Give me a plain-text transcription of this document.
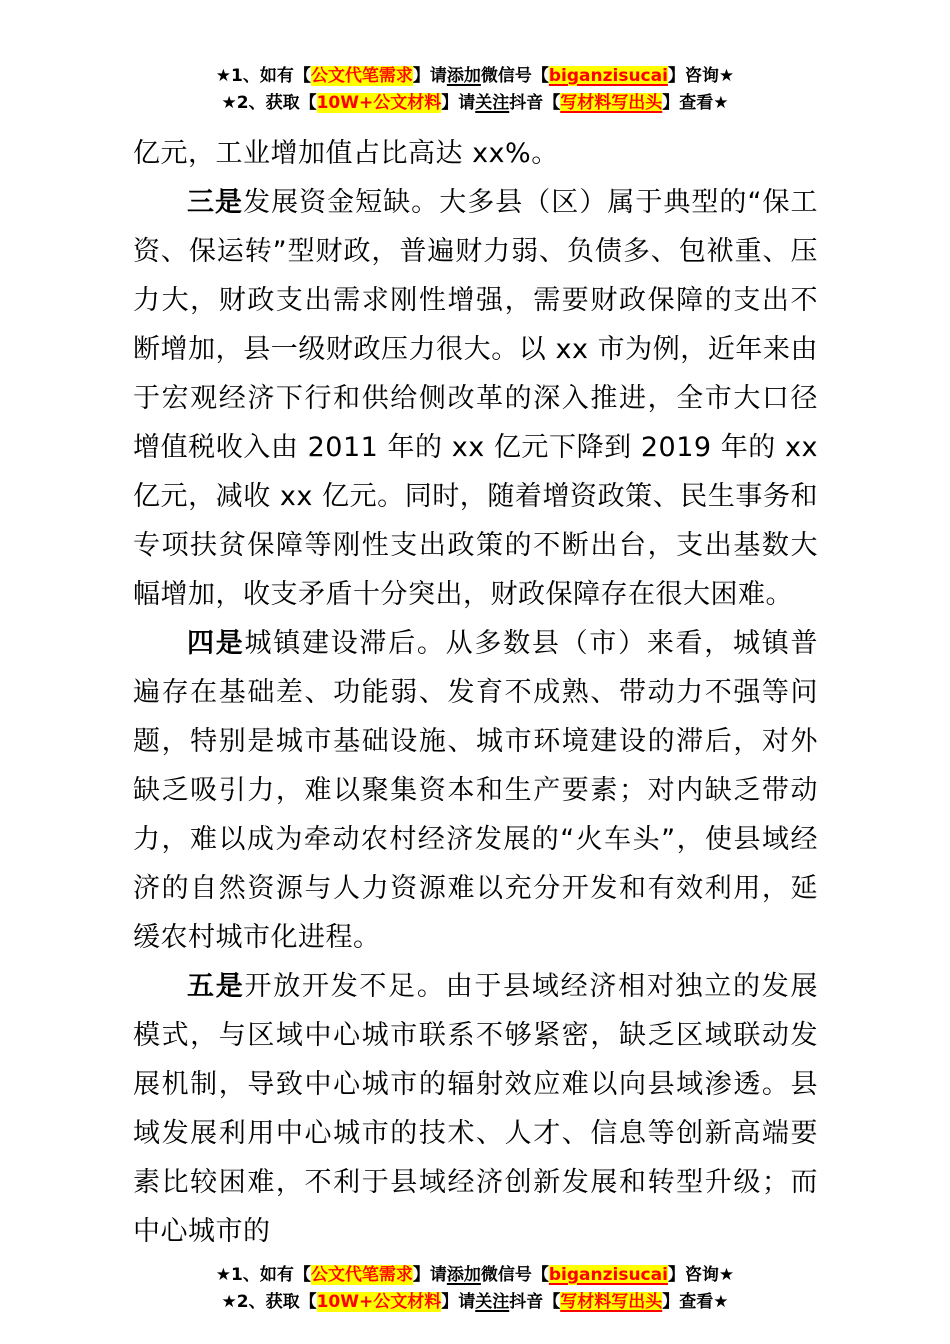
★1、如有【公文代笔需求】请添加微信号【biganzisucai】咨询★
★2、获取【10W+公文材料】请关注抖音【写材料写出头】查看★

亿元，工业增加值占比高达 xx%。

三是发展资金短缺。大多县（区）属于典型的“保工资、保运转”型财政，普遍财力弱、负债多、包袱重、压力大，财政支出需求刚性增强，需要财政保障的支出不断增加，县一级财政压力很大。以 xx 市为例，近年来由于宏观经济下行和供给侧改革的深入推进，全市大口径增值税收入由 2011 年的 xx 亿元下降到 2019 年的 xx 亿元，减收 xx 亿元。同时，随着增资政策、民生事务和专项扶贫保障等刚性支出政策的不断出台，支出基数大幅增加，收支矛盾十分突出，财政保障存在很大困难。

四是城镇建设滞后。从多数县（市）来看，城镇普遍存在基础差、功能弱、发育不成熟、带动力不强等问题，特别是城市基础设施、城市环境建设的滞后，对外缺乏吸引力，难以聚集资本和生产要素；对内缺乏带动力，难以成为牵动农村经济发展的“火车头”，使县域经济的自然资源与人力资源难以充分开发和有效利用，延缓农村城市化进程。

五是开放开发不足。由于县域经济相对独立的发展模式，与区域中心城市联系不够紧密，缺乏区域联动发展机制，导致中心城市的辐射效应难以向县域渗透。县域发展利用中心城市的技术、人才、信息等创新高端要素比较困难，不利于县域经济创新发展和转型升级；而中心城市的

★1、如有【公文代笔需求】请添加微信号【biganzisucai】咨询★
★2、获取【10W+公文材料】请关注抖音【写材料写出头】查看★
